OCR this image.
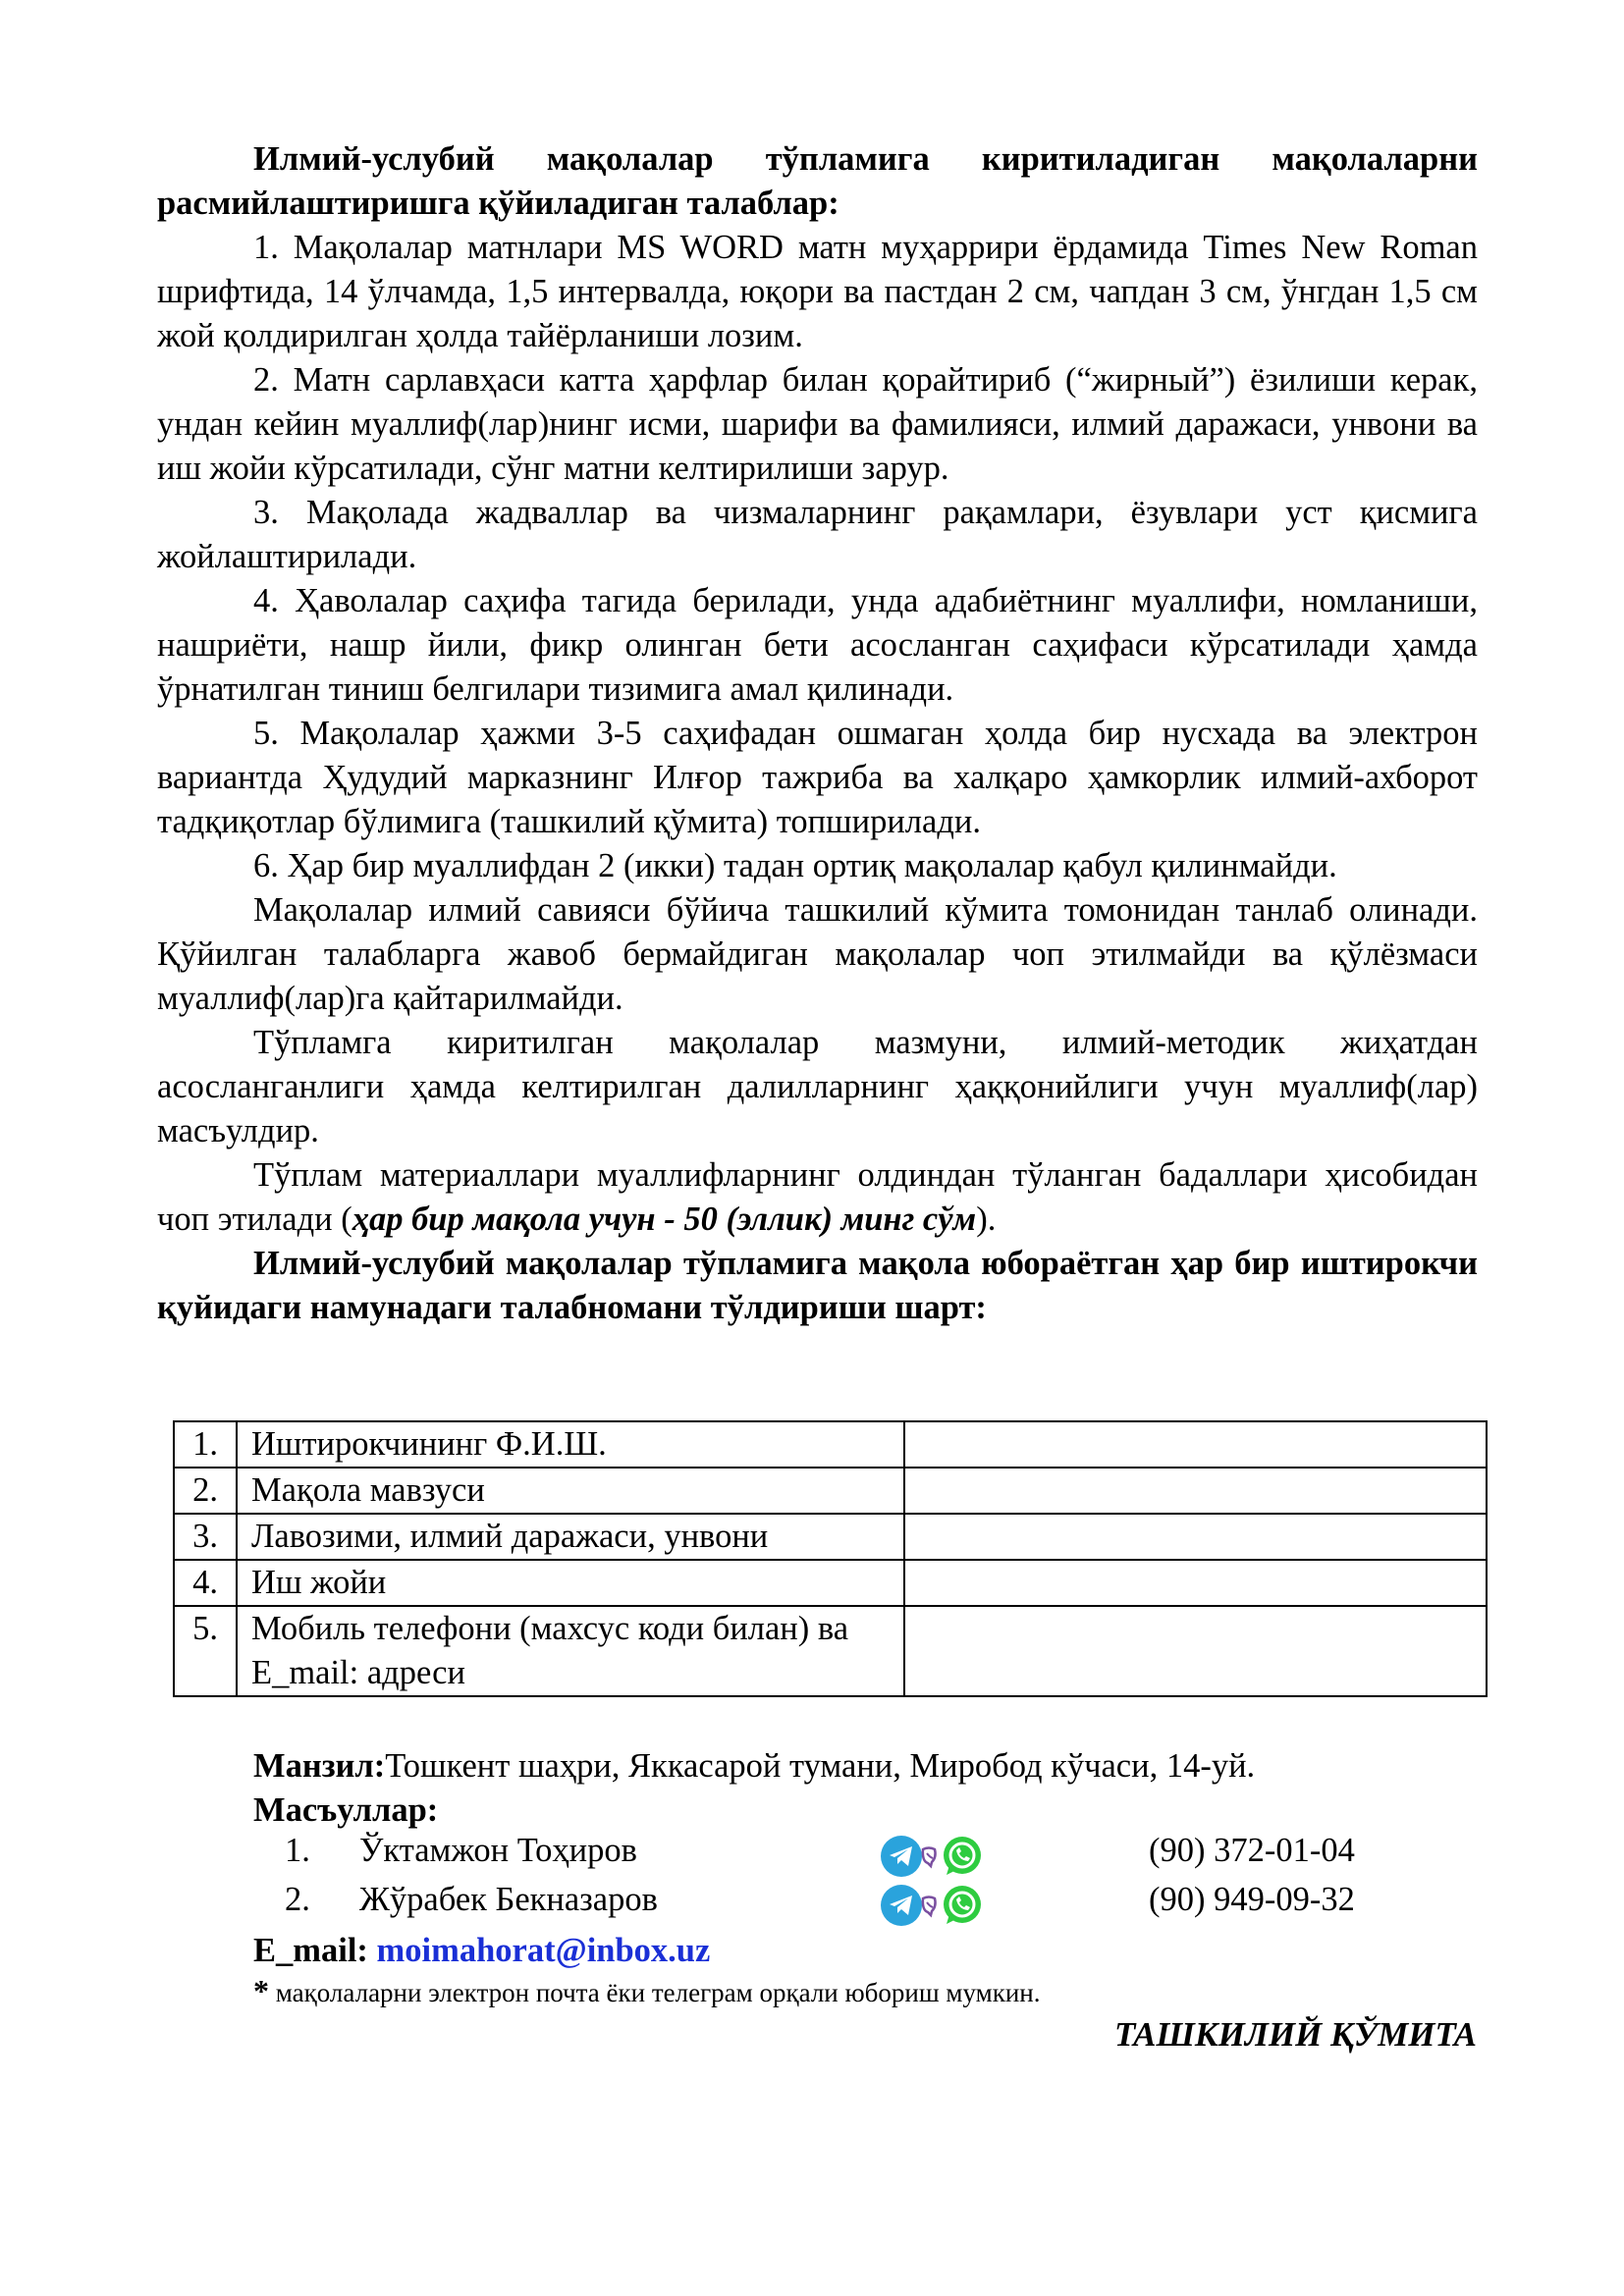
Илмий-услубий мақолалар тўпламига киритиладиган мақолаларни расмийлаштиришга қўйиладиган талаблар:

1. Мақолалар матнлари MS WORD матн муҳаррири ёрдамида Times New Roman шрифтида, 14 ўлчамда, 1,5 интервалда, юқори ва пастдан 2 см, чапдан 3 см, ўнгдан 1,5 см жой қолдирилган ҳолда тайёрланиши лозим.

2. Матн сарлавҳаси катта ҳарфлар билан қорайтириб (“жирный”) ёзилиши керак, ундан кейин муаллиф(лар)нинг исми, шарифи ва фамилияси, илмий даражаси, унвони ва иш жойи кўрсатилади, сўнг матни келтирилиши зарур.

3. Мақолада жадваллар ва чизмаларнинг рақамлари, ёзувлари уст қисмига жойлаштирилади.

4. Ҳаволалар саҳифа тагида берилади, унда адабиётнинг муаллифи, номланиши, нашриёти, нашр йили, фикр олинган бети асосланган саҳифаси кўрсатилади ҳамда ўрнатилган тиниш белгилари тизимига амал қилинади.

5. Мақолалар ҳажми 3-5 саҳифадан ошмаган ҳолда бир нусхада ва электрон вариантда Ҳудудий марказнинг Илғор тажриба ва халқаро ҳамкорлик илмий-ахборот тадқиқотлар бўлимига (ташкилий қўмита) топширилади.

6. Ҳар бир муаллифдан 2 (икки) тадан ортиқ мақолалар қабул қилинмайди.

Мақолалар илмий савияси бўйича ташкилий кўмита томонидан танлаб олинади. Қўйилган талабларга жавоб бермайдиган мақолалар чоп этилмайди ва қўлёзмаси муаллиф(лар)га қайтарилмайди.

Тўпламга киритилган мақолалар мазмуни, илмий-методик жиҳатдан асосланганлиги ҳамда келтирилган далилларнинг ҳаққонийлиги учун муаллиф(лар) масъулдир.

Тўплам материаллари муаллифларнинг олдиндан тўланган бадаллари ҳисобидан чоп этилади (ҳар бир мақола учун - 50 (эллик) минг сўм).

Илмий-услубий мақолалар тўпламига мақола юбораётган ҳар бир иштирокчи қуйидаги намунадаги талабномани тўлдириши шарт:

1.	Иштирокчининг Ф.И.Ш.	
2.	Мақола мавзуси	
3.	Лавозими, илмий даражаси, унвони	
4.	Иш жойи	
5.	Мобиль телефони (махсус коди билан) ва E_mail: адреси	
Манзил:Тошкент шаҳри, Яккасарой тумани, Миробод кўчаси, 14-уй.
Масъуллар:
1. Ўктамжон Тоҳиров	(90) 372-01-04
2. Жўрабек Бекназаров	(90) 949-09-32
E_mail: moimahorat@inbox.uz
* мақолаларни электрон почта ёки телеграм орқали юбориш мумкин.
ТАШКИЛИЙ ҚЎМИТА
